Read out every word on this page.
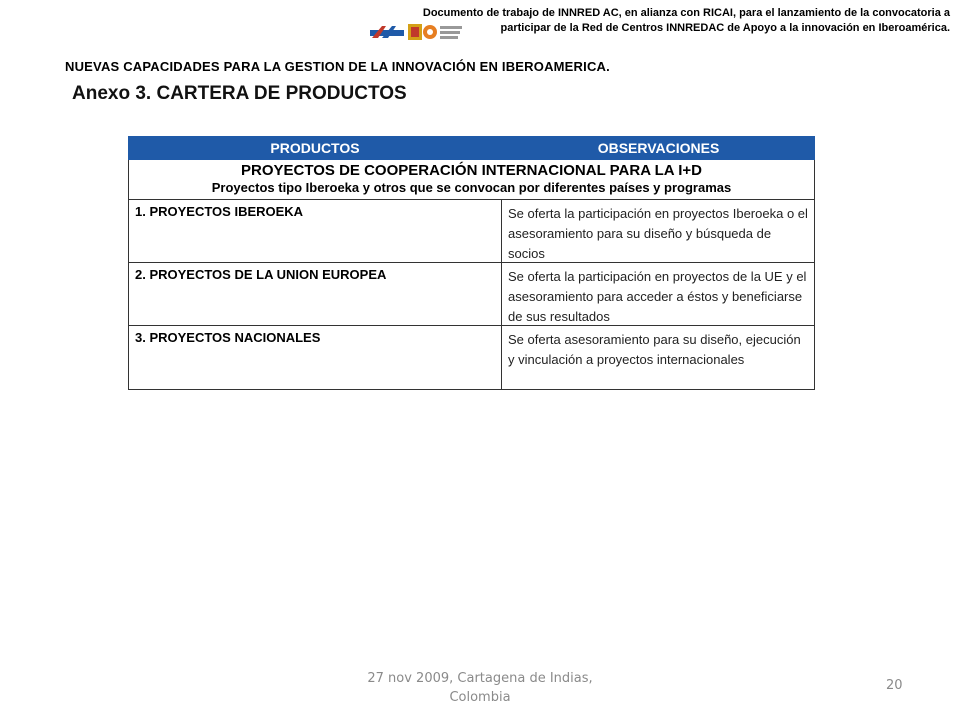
Documento de trabajo de INNRED AC, en alianza con RICAI, para el lanzamiento de la convocatoria a
participar de la Red de Centros INNREDAC de Apoyo a la innovación en Iberoamérica.
NUEVAS CAPACIDADES PARA LA GESTION DE LA INNOVACIÓN EN IBEROAMERICA.
Anexo 3. CARTERA DE PRODUCTOS
PRODUCTOS	OBSERVACIONES
PROYECTOS DE COOPERACIÓN INTERNACIONAL PARA LA I+D
Proyectos tipo Iberoeka y otros que se convocan por diferentes países y programas
1. PROYECTOS IBEROEKA	Se oferta la participación en proyectos Iberoeka o el asesoramiento para su diseño y búsqueda de socios
2. PROYECTOS DE LA UNION EUROPEA	Se oferta la participación en proyectos de la UE y el asesoramiento para acceder a éstos y beneficiarse de sus resultados
3. PROYECTOS NACIONALES	Se oferta asesoramiento para su diseño, ejecución y vinculación a proyectos internacionales
27 nov 2009, Cartagena de Indias, Colombia
20
